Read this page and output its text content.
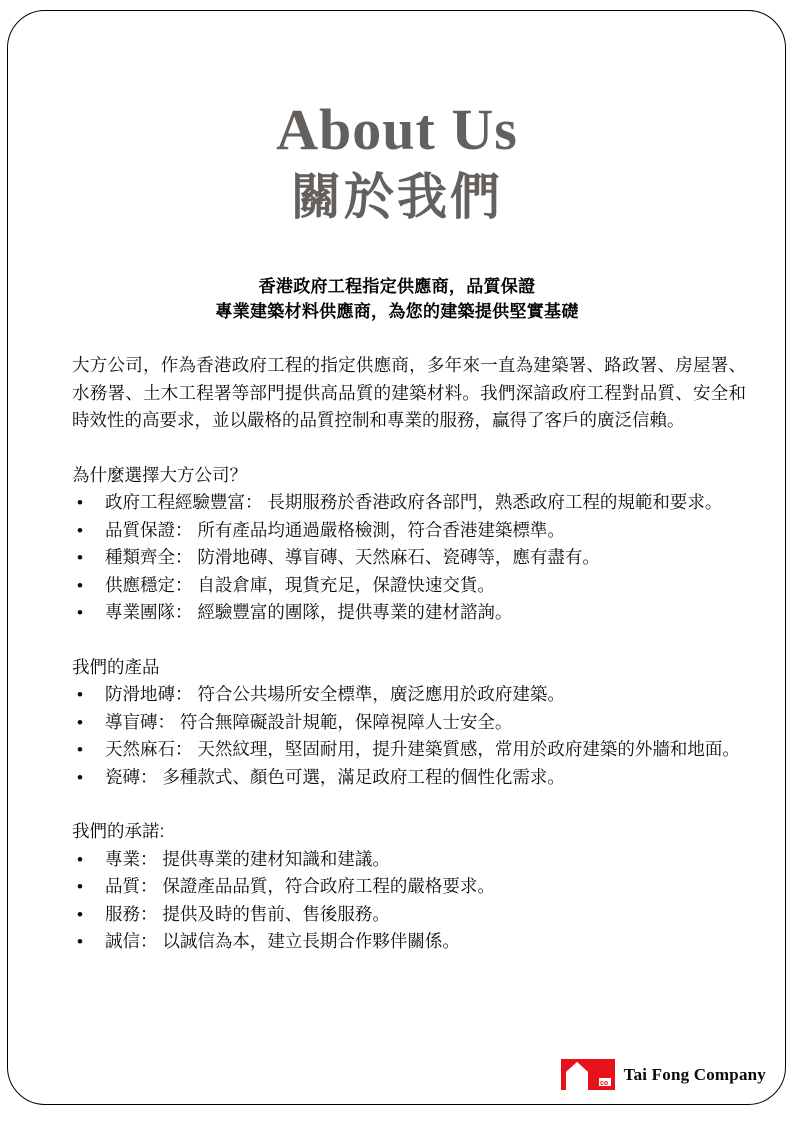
About Us
關於我們
香港政府工程指定供應商，品質保證
專業建築材料供應商，為您的建築提供堅實基礎

大方公司，作為香港政府工程的指定供應商，多年來一直為建築署、路政署、房屋署、水務署、土木工程署等部門提供高品質的建築材料。我們深諳政府工程對品質、安全和時效性的高要求，並以嚴格的品質控制和專業的服務，贏得了客戶的廣泛信賴。

為什麼選擇大方公司？

• 政府工程經驗豐富： 長期服務於香港政府各部門，熟悉政府工程的規範和要求。
• 品質保證： 所有產品均通過嚴格檢測，符合香港建築標準。
• 種類齊全： 防滑地磚、導盲磚、天然麻石、瓷磚等，應有盡有。
• 供應穩定： 自設倉庫，現貨充足，保證快速交貨。
• 專業團隊： 經驗豐富的團隊，提供專業的建材諮詢。

我們的產品

• 防滑地磚： 符合公共場所安全標準，廣泛應用於政府建築。
• 導盲磚： 符合無障礙設計規範，保障視障人士安全。
• 天然麻石： 天然紋理，堅固耐用，提升建築質感，常用於政府建築的外牆和地面。
• 瓷磚： 多種款式、顏色可選，滿足政府工程的個性化需求。

我們的承諾:

• 專業： 提供專業的建材知識和建議。
• 品質： 保證產品品質，符合政府工程的嚴格要求。
• 服務： 提供及時的售前、售後服務。
• 誠信： 以誠信為本，建立長期合作夥伴關係。
co Tai Fong Company
